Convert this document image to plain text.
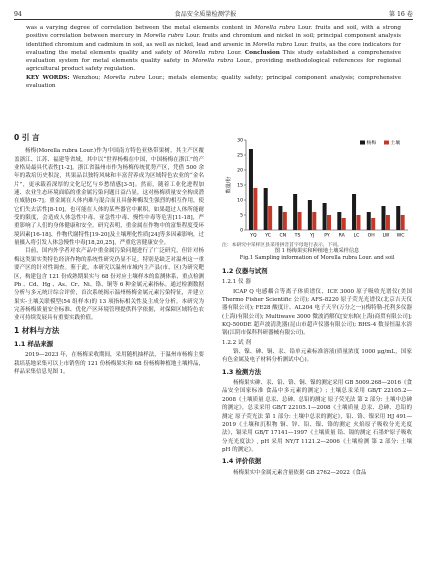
94	食品安全质量检测学报	第 16 卷
was a varying degree of correlation between the metal elements content in Morella rubra Lour. fruits and soil, with a strong positive correlation between mercury in Morella rubra Lour. fruits and chromium and nickel in soil; principal component analysis identified chromium and cadmium in soil, as well as nickel, lead and arsenic in Morella rubra Lour. fruits, as the core indicators for evaluating the metal elements quality and safety of Morella rubra Lour. Conclusion This study established a comprehensive evaluation system for metal elements quality safety in Morella rubra Lour., providing methodological references for regional agricultural product safety regulation.
KEY WORDS: Wenzhou; Morella rubra Lour.; metals elements; quality safety; principal component analysis; comprehensive evaluation
0 引 言

杨梅(Morella rubra Lour.)作为中国南方特色亚热带果树，其主产区覆盖浙江、江苏、福建等省域，其中以“世界杨梅在中国，中国杨梅在浙江”的产业格局最具代表性[1-2]。浙江省温州市作为杨梅传统优势产区，凭借 500 余年的栽培历史积淀，其果品以独特风味和丰富营养成为区域特色农业的“金名片”，更承载着深厚的文化记忆与乡愁情感[3-5]。然而，随着工业化进程加速、农业生态环境面临的重金属污染问题日益凸显，这对杨梅质量安全构成潜在威胁[6-7]。重金属在人体内难与混合而且具备种酶发生强烈的相互作用，使它们失去活性[8-10]，也可能在人体的某些器官中累积，如果超过人体所能耐受的限度，会造成人体急性中毒、亚急性中毒、慢性中毒等危害[11-18]，严重影响了人们的身体健康和安全。研究表明，重金属在作物中的富集程度受环境因素[16-18]、作物代谢特性[19-20]及土壤理化性质[24]等多因素影响，过量摄入将引发人体急慢性中毒[18,20,25]，严重危害健康安全。

目前，国内外学者对农产品中重金属污染问题进行了广泛研究，但针对杨梅这类果实类特色经济作物的系统性研究仍显不足，特别是缺乏对温州这一重要产区的针对性调查。鉴于此，本研究以温州市城内主产县(市、区)为研究靶区，构建包含 121 份成熟期果实与 68 份对应土壤样本的监测体系，重点检测 Pb 、Cd、Hg 、As、Cr、Ni、铬、铜等 6 种金属元素指标。通过检测数据分析与多元统计综合评价，首次系统揭示温州杨梅金属元素污染特征，并建立果实-土壤关联模型(54 组样本)的 13 项指标相关性及主成分分析。本研究为完善杨梅质量安全标准、优化产区环境管理提供科学依据，对保障区域特色农业可持续发展具有重要实践价值。

1 材料与方法
1.1 样品来源

2019—2023 年，在杨梅采收期间，采用随机抽样法，于温州市杨梅主要栽培基地采集可以上市销售的 121 份杨梅果实和 68 份杨梅种植地土壤样品，样品采集信息见图 1。

0
5
10
15
20
25
30
数量/份
YQ YC CN TS YJ PY RA LC OH LW WC
杨梅	土壤
注：本研究中采样区县采用拼音首字母进行表示，下同。
图 1 杨梅果实和种植地土壤采样信息
Fig.1 Sampling information of Morella rubra Lour. and soil
1.2 仪器与试剂
1.2.1 仪 器

ICAP Q 电感耦合等离子体质谱仪、ICE 3000 原子吸收光谱仪(美国 Thermo Fisher Scientific 公司); AFS-8220 原子荧光光谱仪(北京吉天仪器有限公司); FE28 酸度计、AL204 电子天平(万分之一)(梅特勒-托利多仪器(上海)有限公司); Multiwave 3000 微波消解仪[安东帕(上海)商贸有限公司]; KQ-500DE 超声波清洗器(昆山市超声仪器有限公司); BHS-4 数显恒温水浴锅(江阴市保科科研器械有限公司)。

1.2.2 试 剂

铬、镍、砷、铜、汞、铅单元素标准溶液(质量浓度 1000 μg/mL，国家有色金属及电子材料分析测试中心)。

1.3 检测方法

杨梅果实砷、汞、铅、铬、铜、镍的测定采用 GB 5009.268—2016《食品安全国家标准 食品中多元素的测定》; 土壤总汞采用 GB/T 22105.2—2008《土壤质量 总汞、总砷、总铅的测定 原子荧光法 第 2 部分: 土壤中总砷的测定》，总汞采用 GB/T 22105.1—2008《土壤质量 总汞、总砷、总铅的测定 原子荧光法 第 1 部分: 土壤中总汞的测定》，铅、铬、镍采用 HJ 491—2019《土壤和沉积物 铜、锌、铅、镍、铬的测定 火焰原子吸收分光光度法》，镉采用 GB/T 17141—1997《土壤质量 铅、镉的测定 石墨炉原子吸收分光光度法》, pH 采用 NY/T 1121.2—2006《土壤检测 第 2 部分: 土壤 pH 的测定》。

1.4 评价依据

杨梅果实中金属元素含量依据 GB 2762—2022《食品
